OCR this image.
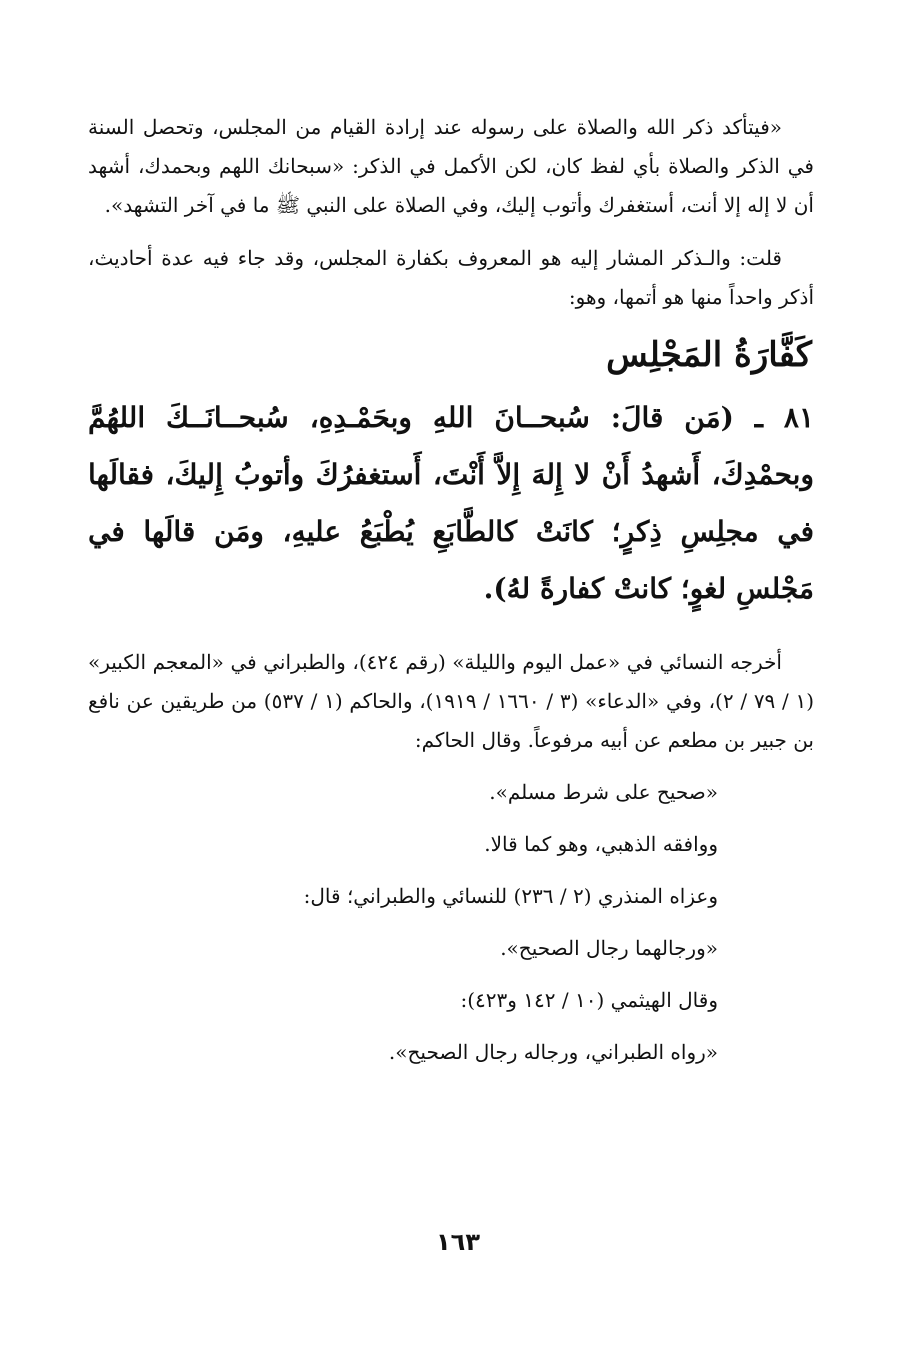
«فيتأكد ذكر الله والصلاة على رسوله عند إرادة القيام من المجلس، وتحصل السنة في الذكر والصلاة بأي لفظ كان، لكن الأكمل في الذكر: «سبحانك اللهم وبحمدك، أشهد أن لا إله إلا أنت، أستغفرك وأتوب إليك، وفي الصلاة على النبي ﷺ ما في آخر التشهد».

قلت: والـذكر المشار إليه هو المعروف بكفارة المجلس، وقد جاء فيه عدة أحاديث، أذكر واحداً منها هو أتمها، وهو:

كَفَّارَةُ المَجْلِس

٨١ ـ (مَن قالَ: سُبحــانَ اللهِ وبحَمْـدِهِ، سُبحــانَــكَ اللهُمَّ وبحمْدِكَ، أَشهدُ أَنْ لا إِلهَ إِلاَّ أَنْتَ، أَستغفرُكَ وأتوبُ إِليكَ، فقالَها في مجلِسِ ذِكرٍ؛ كانَتْ كالطَّابَعِ يُطْبَعُ عليهِ، ومَن قالَها في مَجْلسِ لغوٍ؛ كانتْ كفارةً لهُ).

أخرجه النسائي في «عمل اليوم والليلة» (رقم ٤٢٤)، والطبراني في «المعجم الكبير» (١ / ٧٩ / ٢)، وفي «الدعاء» (٣ / ١٦٦٠ / ١٩١٩)، والحاكم (١ / ٥٣٧) من طريقين عن نافع بن جبير بن مطعم عن أبيه مرفوعاً. وقال الحاكم:

«صحيح على شرط مسلم».

ووافقه الذهبي، وهو كما قالا.

وعزاه المنذري (٢ / ٢٣٦) للنسائي والطبراني؛ قال:

«ورجالهما رجال الصحيح».

وقال الهيثمي (١٠ / ١٤٢ و٤٢٣):

«رواه الطبراني، ورجاله رجال الصحيح».

١٦٣
